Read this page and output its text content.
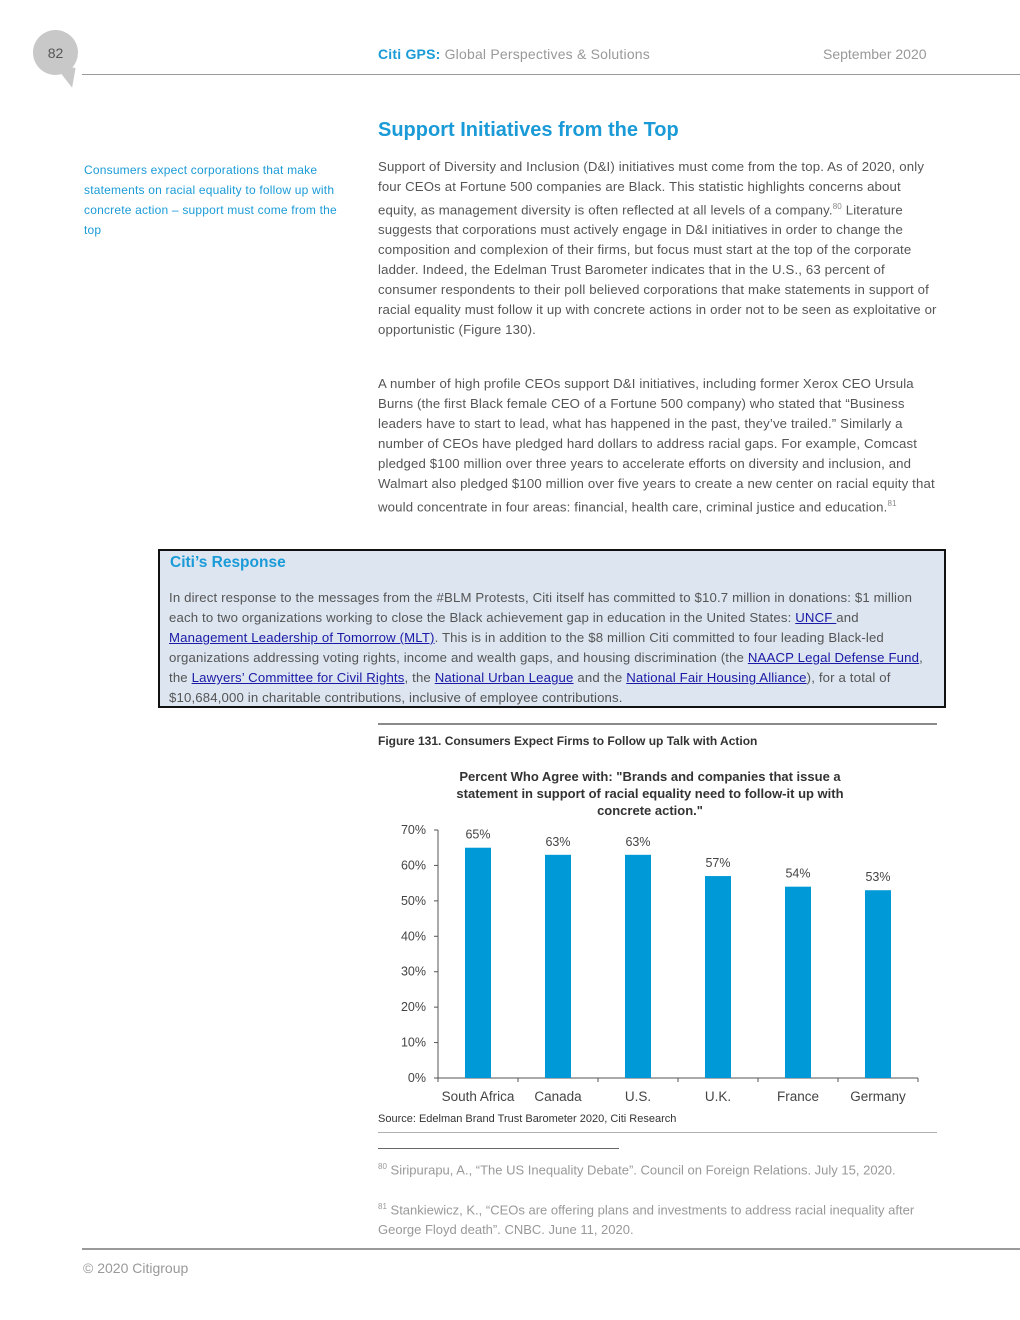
82	Citi GPS: Global Perspectives & Solutions	September 2020
Consumers expect corporations that make statements on racial equality to follow up with concrete action – support must come from the top
Support Initiatives from the Top
Support of Diversity and Inclusion (D&I) initiatives must come from the top. As of 2020, only four CEOs at Fortune 500 companies are Black. This statistic highlights concerns about equity, as management diversity is often reflected at all levels of a company.$^{80}$ Literature suggests that corporations must actively engage in D&I initiatives in order to change the composition and complexion of their firms, but focus must start at the top of the corporate ladder. Indeed, the Edelman Trust Barometer indicates that in the U.S., 63 percent of consumer respondents to their poll believed corporations that make statements in support of racial equality must follow it up with concrete actions in order not to be seen as exploitative or opportunistic (Figure 130).
A number of high profile CEOs support D&I initiatives, including former Xerox CEO Ursula Burns (the first Black female CEO of a Fortune 500 company) who stated that “Business leaders have to start to lead, what has happened in the past, they’ve trailed.” Similarly a number of CEOs have pledged hard dollars to address racial gaps. For example, Comcast pledged $100 million over three years to accelerate efforts on diversity and inclusion, and Walmart also pledged $100 million over five years to create a new center on racial equity that would concentrate in four areas: financial, health care, criminal justice and education.$^{81}$
Citi’s Response
In direct response to the messages from the #BLM Protests, Citi itself has committed to $10.7 million in donations: $1 million each to two organizations working to close the Black achievement gap in education in the United States: UNCF and Management Leadership of Tomorrow (MLT). This is in addition to the $8 million Citi committed to four leading Black-led organizations addressing voting rights, income and wealth gaps, and housing discrimination (the NAACP Legal Defense Fund, the Lawyers’ Committee for Civil Rights, the National Urban League and the National Fair Housing Alliance), for a total of $10,684,000 in charitable contributions, inclusive of employee contributions.
Figure 131. Consumers Expect Firms to Follow up Talk with Action
Percent Who Agree with: "Brands and companies that issue a statement in support of racial equality need to follow-it up with concrete action."
0%
10%
20%
30%
40%
50%
60%
70%	65%
South Africa
63%
Canada
63%
U.S.
57%
U.K.
54%
France
53%
Germany
Source: Edelman Brand Trust Barometer 2020, Citi Research
$^{80}$ Siripurapu, A., “The US Inequality Debate”. Council on Foreign Relations. July 15, 2020.
$^{81}$ Stankiewicz, K., “CEOs are offering plans and investments to address racial inequality after George Floyd death”. CNBC. June 11, 2020.
© 2020 Citigroup
